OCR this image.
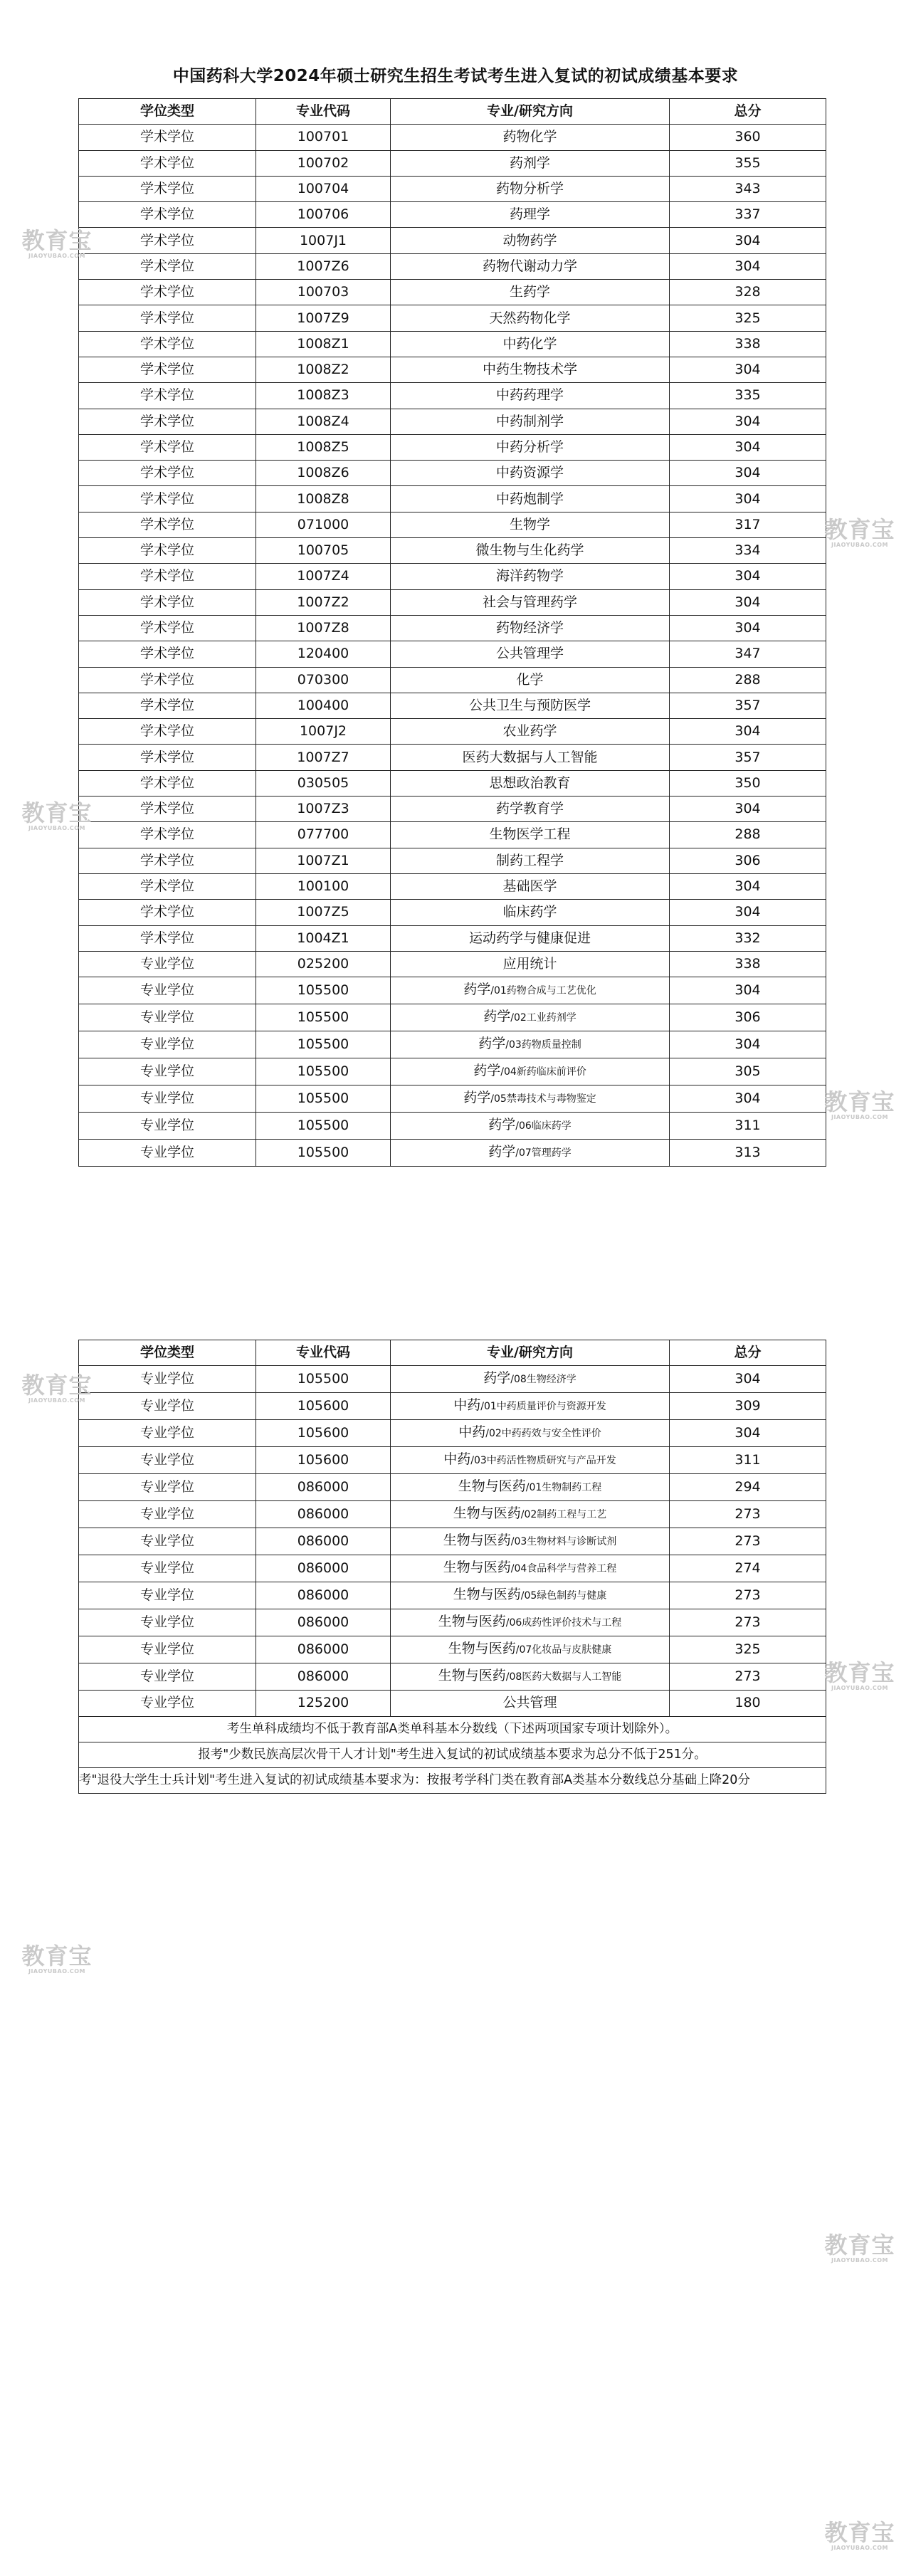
中国药科大学2024年硕士研究生招生考试考生进入复试的初试成绩基本要求
学位类型	专业代码	专业/研究方向	总分
学术学位	100701	药物化学	360
学术学位	100702	药剂学	355
学术学位	100704	药物分析学	343
学术学位	100706	药理学	337
学术学位	1007J1	动物药学	304
学术学位	1007Z6	药物代谢动力学	304
学术学位	100703	生药学	328
学术学位	1007Z9	天然药物化学	325
学术学位	1008Z1	中药化学	338
学术学位	1008Z2	中药生物技术学	304
学术学位	1008Z3	中药药理学	335
学术学位	1008Z4	中药制剂学	304
学术学位	1008Z5	中药分析学	304
学术学位	1008Z6	中药资源学	304
学术学位	1008Z8	中药炮制学	304
学术学位	071000	生物学	317
学术学位	100705	微生物与生化药学	334
学术学位	1007Z4	海洋药物学	304
学术学位	1007Z2	社会与管理药学	304
学术学位	1007Z8	药物经济学	304
学术学位	120400	公共管理学	347
学术学位	070300	化学	288
学术学位	100400	公共卫生与预防医学	357
学术学位	1007J2	农业药学	304
学术学位	1007Z7	医药大数据与人工智能	357
学术学位	030505	思想政治教育	350
学术学位	1007Z3	药学教育学	304
学术学位	077700	生物医学工程	288
学术学位	1007Z1	制药工程学	306
学术学位	100100	基础医学	304
学术学位	1007Z5	临床药学	304
学术学位	1004Z1	运动药学与健康促进	332
专业学位	025200	应用统计	338
专业学位	105500	药学/01药物合成与工艺优化	304
专业学位	105500	药学/02工业药剂学	306
专业学位	105500	药学/03药物质量控制	304
专业学位	105500	药学/04新药临床前评价	305
专业学位	105500	药学/05禁毒技术与毒物鉴定	304
专业学位	105500	药学/06临床药学	311
专业学位	105500	药学/07管理药学	313
学位类型	专业代码	专业/研究方向	总分
专业学位	105500	药学/08生物经济学	304
专业学位	105600	中药/01中药质量评价与资源开发	309
专业学位	105600	中药/02中药药效与安全性评价	304
专业学位	105600	中药/03中药活性物质研究与产品开发	311
专业学位	086000	生物与医药/01生物制药工程	294
专业学位	086000	生物与医药/02制药工程与工艺	273
专业学位	086000	生物与医药/03生物材料与诊断试剂	273
专业学位	086000	生物与医药/04食品科学与营养工程	274
专业学位	086000	生物与医药/05绿色制药与健康	273
专业学位	086000	生物与医药/06成药性评价技术与工程	273
专业学位	086000	生物与医药/07化妆品与皮肤健康	325
专业学位	086000	生物与医药/08医药大数据与人工智能	273
专业学位	125200	公共管理	180
考生单科成绩均不低于教育部A类单科基本分数线（下述两项国家专项计划除外）。			
报考"少数民族高层次骨干人才计划"考生进入复试的初试成绩基本要求为总分不低于251分。			
考"退役大学生士兵计划"考生进入复试的初试成绩基本要求为：按报考学科门类在教育部A类基本分数线总分基础上降20分			
教育宝
JIAOYUBAO.COM
教育宝
JIAOYUBAO.COM
教育宝
JIAOYUBAO.COM
教育宝
JIAOYUBAO.COM
教育宝
JIAOYUBAO.COM
教育宝
JIAOYUBAO.COM
教育宝
JIAOYUBAO.COM
教育宝
JIAOYUBAO.COM
教育宝
JIAOYUBAO.COM
